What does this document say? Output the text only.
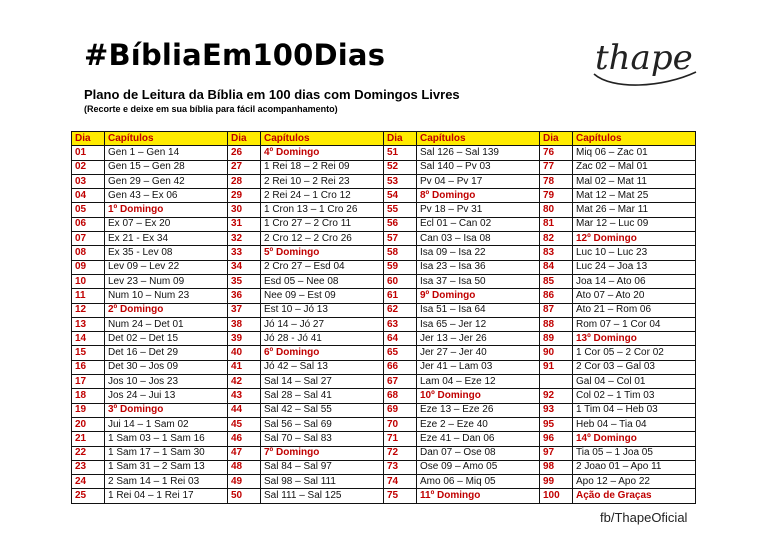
#BíbliaEm100Dias	thape
Plano de Leitura da Bíblia em 100 dias com Domingos Livres
(Recorte e deixe em sua bíblia para fácil acompanhamento)
Dia	Capítulos	Dia	Capítulos	Dia	Capítulos	Dia	Capítulos
01	Gen 1 – Gen 14	26	4º Domingo	51	Sal 126 – Sal 139	76	Miq 06 – Zac 01
02	Gen 15 – Gen 28	27	1 Rei 18 – 2 Rei 09	52	Sal 140 – Pv 03	77	Zac 02 – Mal 01
03	Gen 29 – Gen 42	28	2 Rei 10 – 2 Rei 23	53	Pv 04 – Pv 17	78	Mal 02 – Mat 11
04	Gen 43 – Ex 06	29	2 Rei 24 – 1 Cro 12	54	8º Domingo	79	Mat 12 – Mat 25
05	1º Domingo	30	1 Cron 13 – 1 Cro 26	55	Pv 18 – Pv 31	80	Mat 26 – Mar 11
06	Ex 07 – Ex 20	31	1 Cro 27 – 2 Cro 11	56	Ecl 01 – Can 02	81	Mar 12 – Luc 09
07	Ex 21 - Ex 34	32	2 Cro 12 – 2 Cro 26	57	Can 03 – Isa 08	82	12º Domingo
08	Ex 35 - Lev 08	33	5º Domingo	58	Isa 09 – Isa 22	83	Luc 10 – Luc 23
09	Lev 09 – Lev 22	34	2 Cro 27 – Esd 04	59	Isa 23 – Isa 36	84	Luc 24 – Joa 13
10	Lev 23 – Num 09	35	Esd 05 – Nee 08	60	Isa 37 – Isa 50	85	Joa 14 – Ato 06
11	Num 10 – Num 23	36	Nee 09 – Est 09	61	9º Domingo	86	Ato 07 – Ato 20
12	2º Domingo	37	Est 10 – Jó 13	62	Isa 51 – Isa 64	87	Ato 21 – Rom 06
13	Num 24 – Det 01	38	Jó 14 – Jó 27	63	Isa 65 – Jer 12	88	Rom 07 – 1 Cor 04
14	Det 02 – Det 15	39	Jó 28 - Jó 41	64	Jer 13 – Jer 26	89	13º Domingo
15	Det 16 – Det 29	40	6º Domingo	65	Jer 27 – Jer 40	90	1 Cor 05 – 2 Cor 02
16	Det 30 – Jos 09	41	Jó 42 – Sal 13	66	Jer 41 – Lam 03	91	2 Cor 03 – Gal 03
17	Jos 10 – Jos 23	42	Sal 14 – Sal 27	67	Lam 04 – Eze 12		Gal 04 – Col 01
18	Jos 24 – Jui 13	43	Sal 28 – Sal 41	68	10º Domingo	92	Col 02 – 1 Tim 03
19	3º Domingo	44	Sal 42 – Sal 55	69	Eze 13 – Eze 26	93	1 Tim 04 – Heb 03
20	Jui 14 – 1 Sam 02	45	Sal 56 – Sal 69	70	Eze 2 – Eze 40	95	Heb 04 – Tia 04
21	1 Sam 03 – 1 Sam 16	46	Sal 70 – Sal 83	71	Eze 41 – Dan 06	96	14º Domingo
22	1 Sam 17 – 1 Sam 30	47	7º Domingo	72	Dan 07 – Ose 08	97	Tia 05 – 1 Joa 05
23	1 Sam 31 – 2 Sam 13	48	Sal 84 – Sal 97	73	Ose 09 – Amo 05	98	2 Joao 01 – Apo 11
24	2 Sam 14 – 1 Rei 03	49	Sal 98 – Sal 111	74	Amo 06 – Miq 05	99	Apo 12 – Apo 22
25	1 Rei 04 – 1 Rei 17	50	Sal 111 – Sal 125	75	11º Domingo	100	Ação de Graças
fb/ThapeOficial
